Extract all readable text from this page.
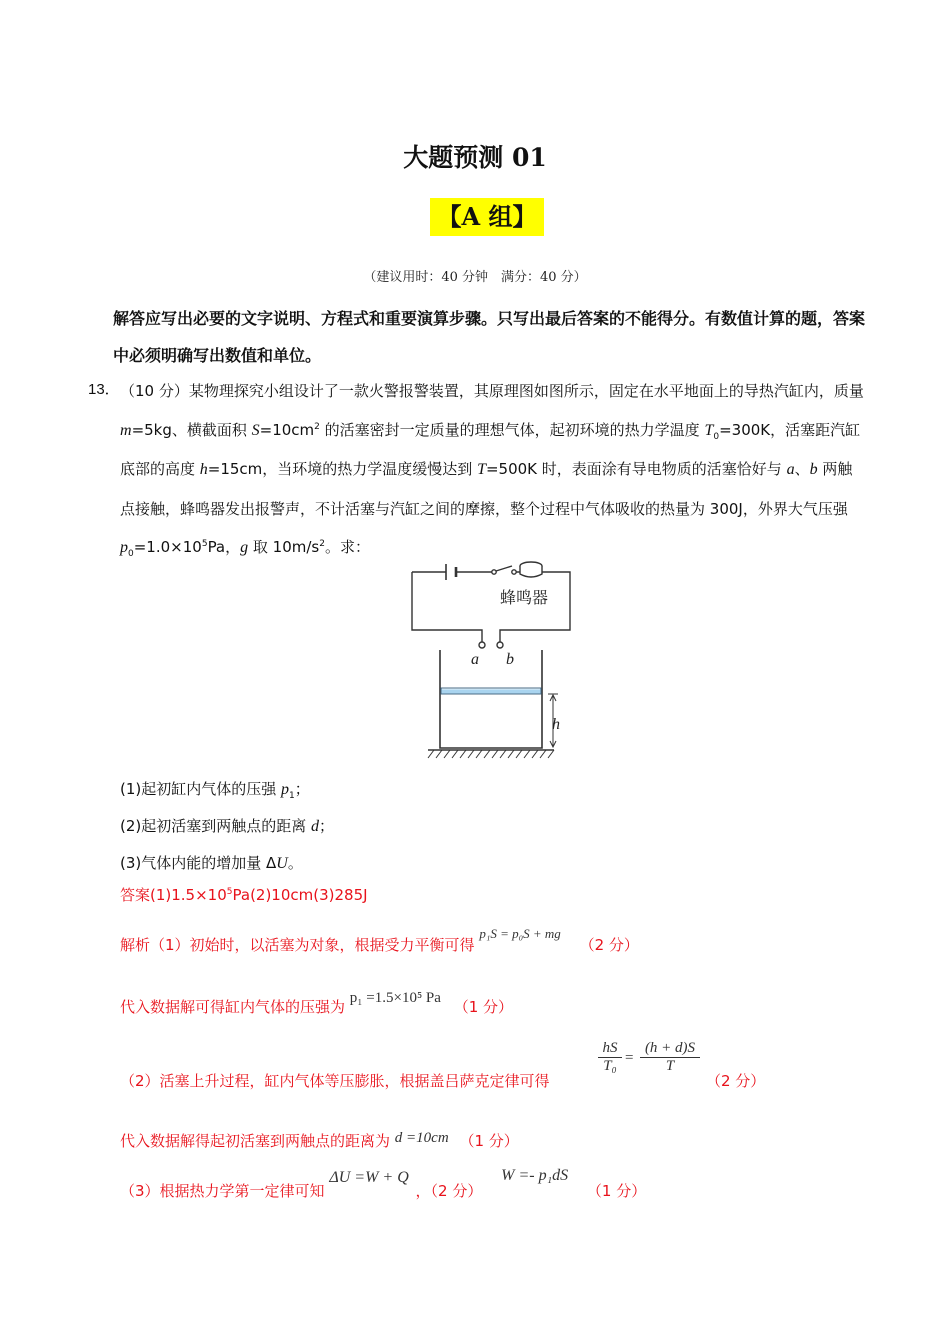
大题预测 01
【A 组】
（建议用时：40 分钟　满分：40 分）
解答应写出必要的文字说明、方程式和重要演算步骤。只写出最后答案的不能得分。有数值计算的题，答案中必须明确写出数值和单位。
13． （10 分）某物理探究小组设计了一款火警报警装置，其原理图如图所示，固定在水平地面上的导热汽缸内，质量 m=5kg、横截面积 $S=10cm^2$ 的活塞密封一定质量的理想气体，起初环境的热力学温度 $T_0=300K$，活塞距汽缸底部的高度 h=15cm，当环境的热力学温度缓慢达到 T=500K 时，表面涂有导电物质的活塞恰好与 a、b 两触点接触，蜂鸣器发出报警声，不计活塞与汽缸之间的摩擦，整个过程中气体吸收的热量为 300J，外界大气压强 $p_0=1.0\times 10^5Pa$，g 取 $10m/s^2$。求：
蜂鸣器
a b
h
(1)起初缸内气体的压强 $p_1$；
(2)起初活塞到两触点的距离 d；
(3)气体内能的增加量 ΔU。
答案$(1)1.5\times 10^5Pa(2)10cm(3)285J$
解析（1）初始时，以活塞为对象，根据受力平衡可得 p₁S = p₀S + mg （2 分）
代入数据解可得缸内气体的压强为 p₁ =1.5×10⁵ Pa （1 分）
（2）活塞上升过程，缸内气体等压膨胀，根据盖吕萨克定律可得
$\frac{hS}{\text{T₀}} = \frac{(h + d)S}{T}$
（2 分）
代入数据解得起初活塞到两触点的距离为 d =10cm （1 分）
（3）根据热力学第一定律可知 ΔU =W + Q ，（2 分） W =- p₁dS （1 分）
